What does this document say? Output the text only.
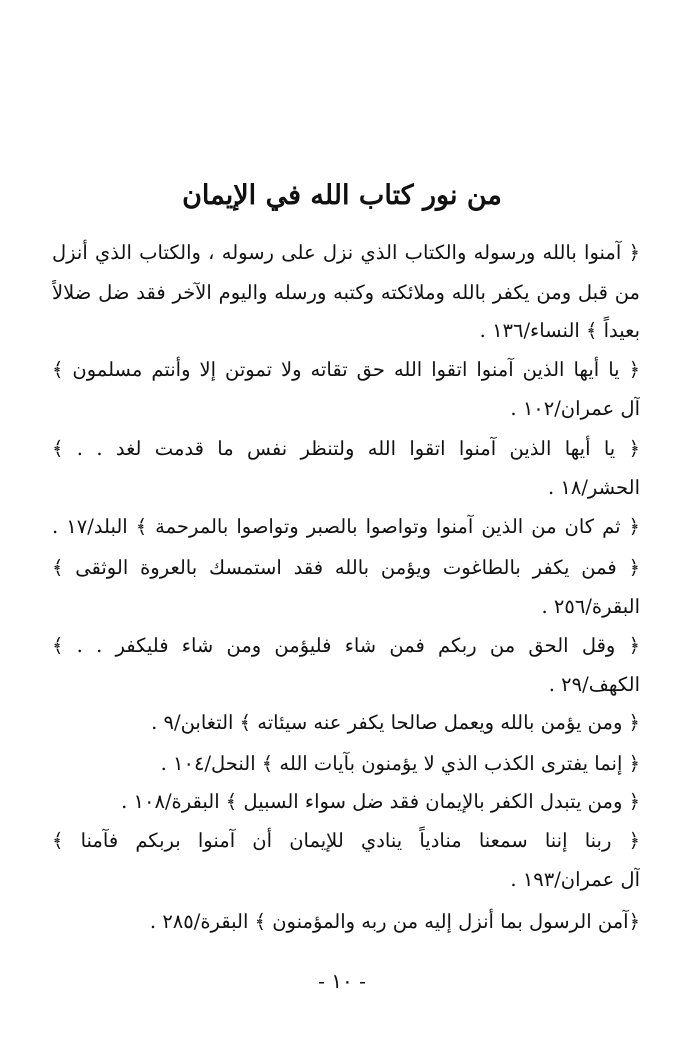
من نور كتاب الله في الإيمان
﴿ آمنوا بالله ورسوله والكتاب الذي نزل على رسوله ، والكتاب الذي أنزل
من قبل ومن يكفر بالله وملائكته وكتبه ورسله واليوم الآخر فقد ضل ضلالاً
بعيداً ﴾ النساء/١٣٦ .
﴿ يا أيها الذين آمنوا اتقوا الله حق تقاته ولا تموتن إلا وأنتم مسلمون ﴾
آل عمران/١٠٢ .
﴿ يا أيها الذين آمنوا اتقوا الله ولتنظر نفس ما قدمت لغد . . ﴾
الحشر/١٨ .
﴿ ثم كان من الذين آمنوا وتواصوا بالصبر وتواصوا بالمرحمة ﴾ البلد/١٧ .
﴿ فمن يكفر بالطاغوت ويؤمن بالله فقد استمسك بالعروة الوثقى ﴾
البقرة/٢٥٦ .
﴿ وقل الحق من ربكم فمن شاء فليؤمن ومن شاء فليكفر . . ﴾
الكهف/٢٩ .
﴿ ومن يؤمن بالله ويعمل صالحا يكفر عنه سيئاته ﴾ التغابن/٩ .
﴿ إنما يفترى الكذب الذي لا يؤمنون بآيات الله ﴾ النحل/١٠٤ .
﴿ ومن يتبدل الكفر بالإيمان فقد ضل سواء السبيل ﴾ البقرة/١٠٨ .
﴿ ربنا إننا سمعنا منادياً ينادي للإيمان أن آمنوا بربكم فآمنا ﴾
آل عمران/١٩٣ .
﴿آمن الرسول بما أنزل إليه من ربه والمؤمنون ﴾ البقرة/٢٨٥ .
- ١٠ -
